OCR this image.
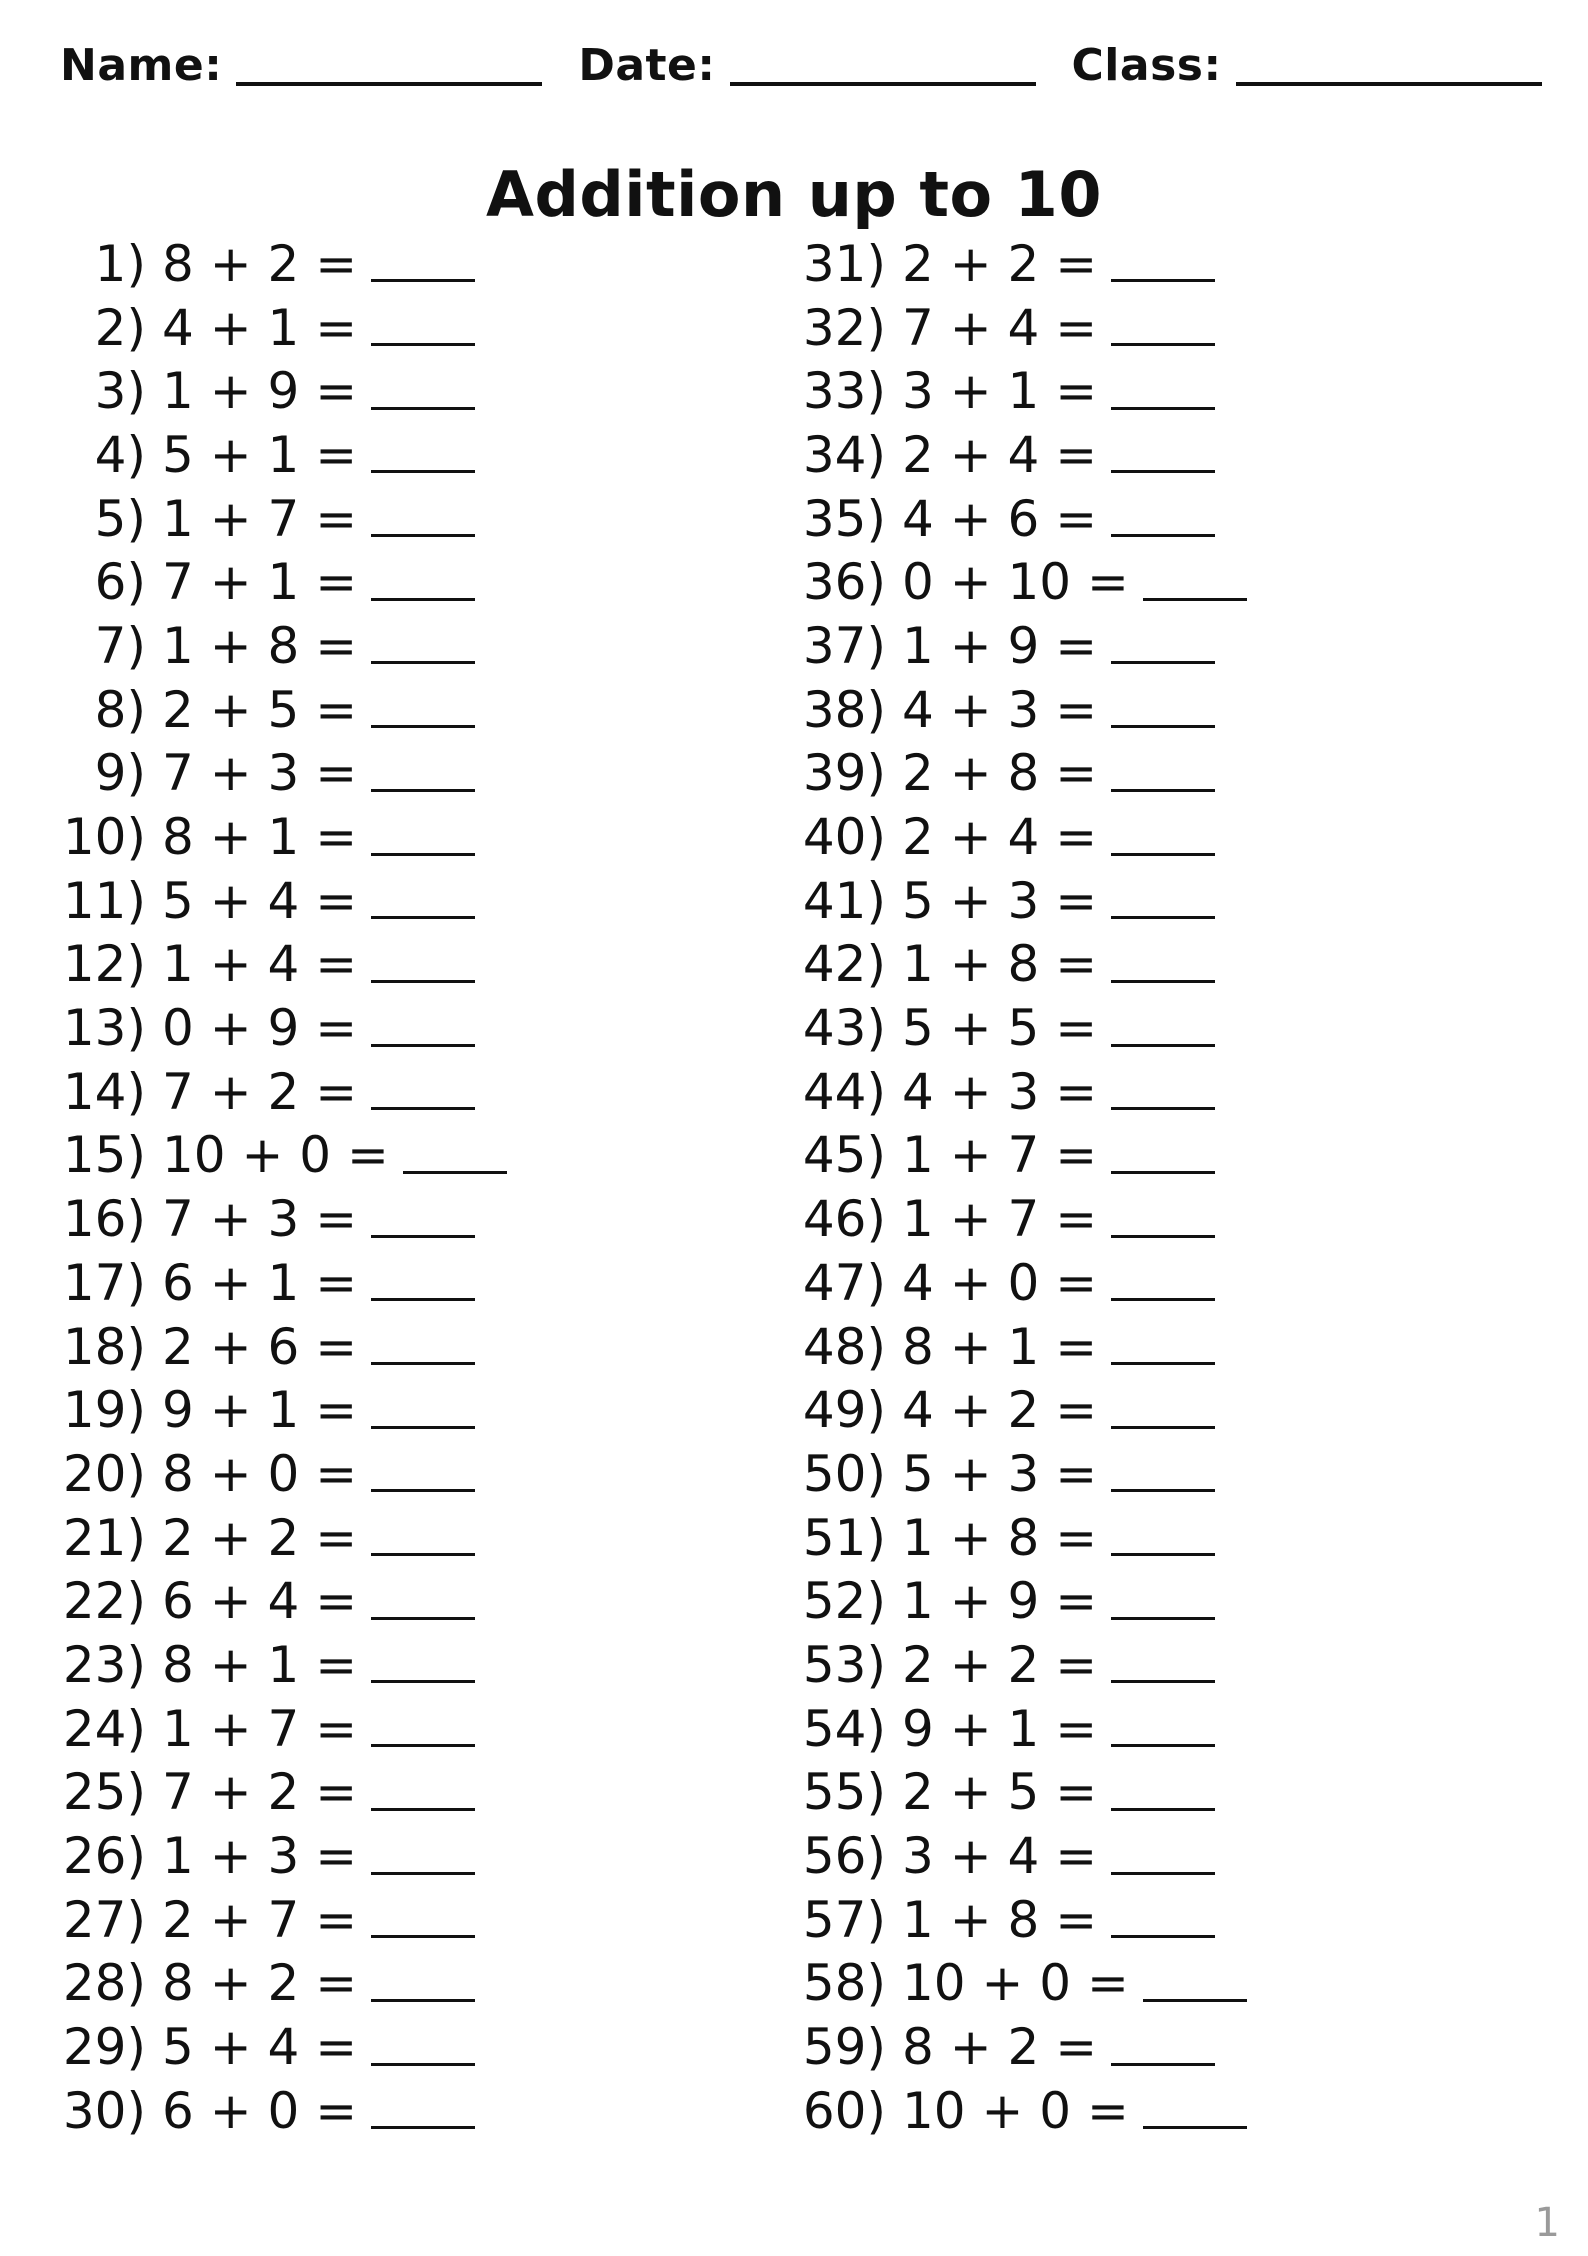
Name:	Date:	Class:
Addition up to 10
1) 8 + 2 =
2) 4 + 1 =
3) 1 + 9 =
4) 5 + 1 =
5) 1 + 7 =
6) 7 + 1 =
7) 1 + 8 =
8) 2 + 5 =
9) 7 + 3 =
10) 8 + 1 =
11) 5 + 4 =
12) 1 + 4 =
13) 0 + 9 =
14) 7 + 2 =
15) 10 + 0 =
16) 7 + 3 =
17) 6 + 1 =
18) 2 + 6 =
19) 9 + 1 =
20) 8 + 0 =
21) 2 + 2 =
22) 6 + 4 =
23) 8 + 1 =
24) 1 + 7 =
25) 7 + 2 =
26) 1 + 3 =
27) 2 + 7 =
28) 8 + 2 =
29) 5 + 4 =
30) 6 + 0 =
31) 2 + 2 =
32) 7 + 4 =
33) 3 + 1 =
34) 2 + 4 =
35) 4 + 6 =
36) 0 + 10 =
37) 1 + 9 =
38) 4 + 3 =
39) 2 + 8 =
40) 2 + 4 =
41) 5 + 3 =
42) 1 + 8 =
43) 5 + 5 =
44) 4 + 3 =
45) 1 + 7 =
46) 1 + 7 =
47) 4 + 0 =
48) 8 + 1 =
49) 4 + 2 =
50) 5 + 3 =
51) 1 + 8 =
52) 1 + 9 =
53) 2 + 2 =
54) 9 + 1 =
55) 2 + 5 =
56) 3 + 4 =
57) 1 + 8 =
58) 10 + 0 =
59) 8 + 2 =
60) 10 + 0 =
1
